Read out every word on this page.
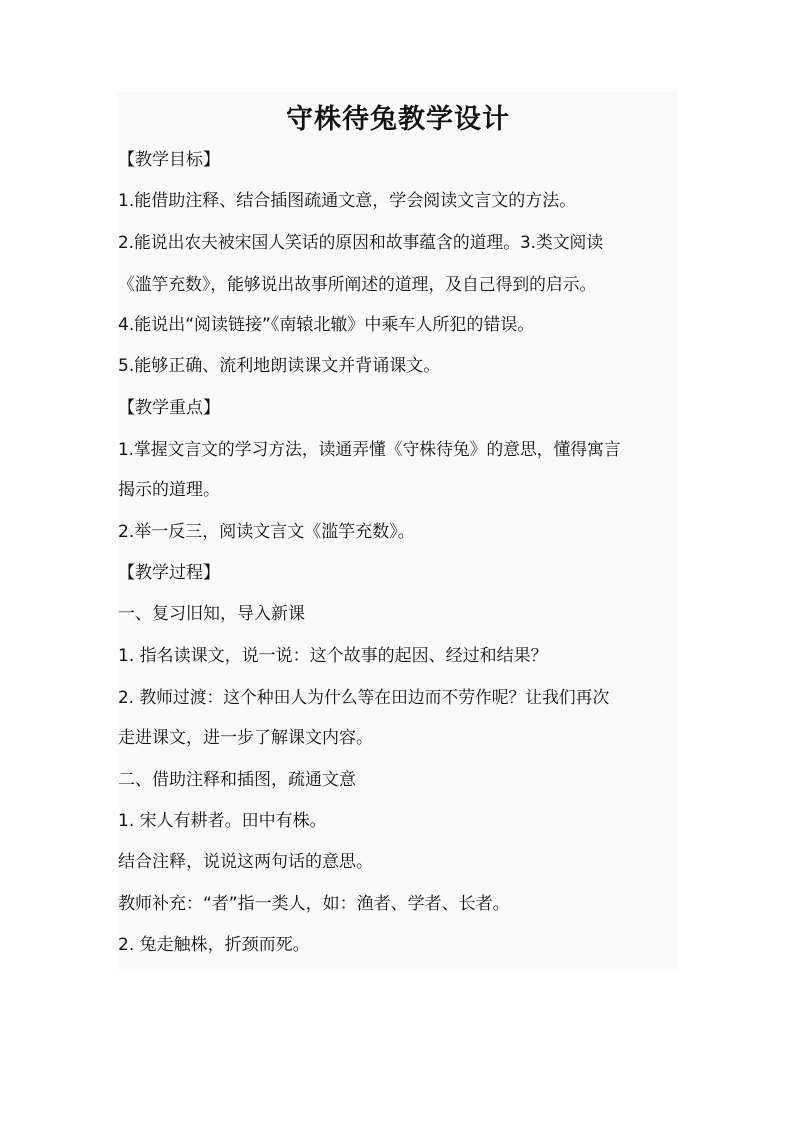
守株待兔教学设计
【教学目标】
1.能借助注释、结合插图疏通文意，学会阅读文言文的方法。
2.能说出农夫被宋国人笑话的原因和故事蕴含的道理。3.类文阅读
《滥竽充数》，能够说出故事所阐述的道理，及自己得到的启示。
4.能说出“阅读链接”《南辕北辙》中乘车人所犯的错误。
5.能够正确、流利地朗读课文并背诵课文。
【教学重点】
1.掌握文言文的学习方法，读通弄懂《守株待兔》的意思，懂得寓言
揭示的道理。
2.举一反三，阅读文言文《滥竽充数》。
【教学过程】
一、复习旧知，导入新课
1. 指名读课文，说一说：这个故事的起因、经过和结果？
2. 教师过渡：这个种田人为什么等在田边而不劳作呢？让我们再次
走进课文，进一步了解课文内容。
二、借助注释和插图，疏通文意
1. 宋人有耕者。田中有株。
结合注释，说说这两句话的意思。
教师补充：“者”指一类人，如：渔者、学者、长者。
2. 兔走触株，折颈而死。
